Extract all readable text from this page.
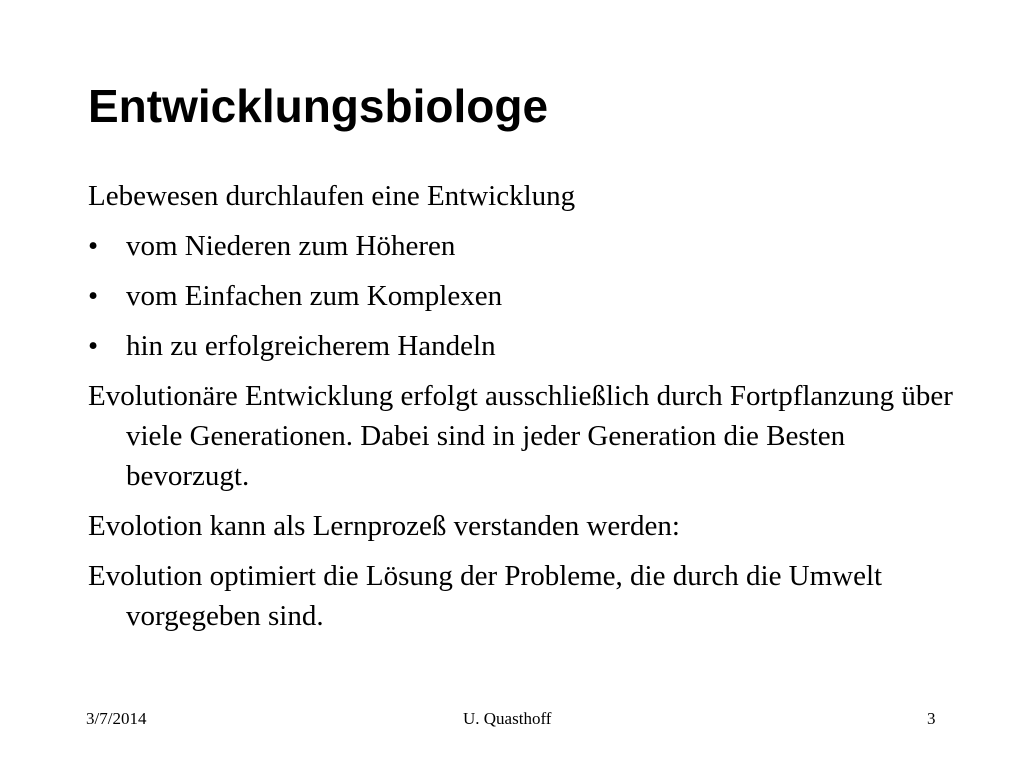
Entwicklungsbiologe

Lebewesen durchlaufen eine Entwicklung

• vom Niederen zum Höheren
• vom Einfachen zum Komplexen
• hin zu erfolgreicherem Handeln

Evolutionäre Entwicklung erfolgt ausschließlich durch Fortpflanzung über viele Generationen. Dabei sind in jeder Generation die Besten bevorzugt.

Evolotion kann als Lernprozeß verstanden werden:

Evolution optimiert die Lösung der Probleme, die durch die Umwelt vorgegeben sind.

3/7/2014	U. Quasthoff	3
